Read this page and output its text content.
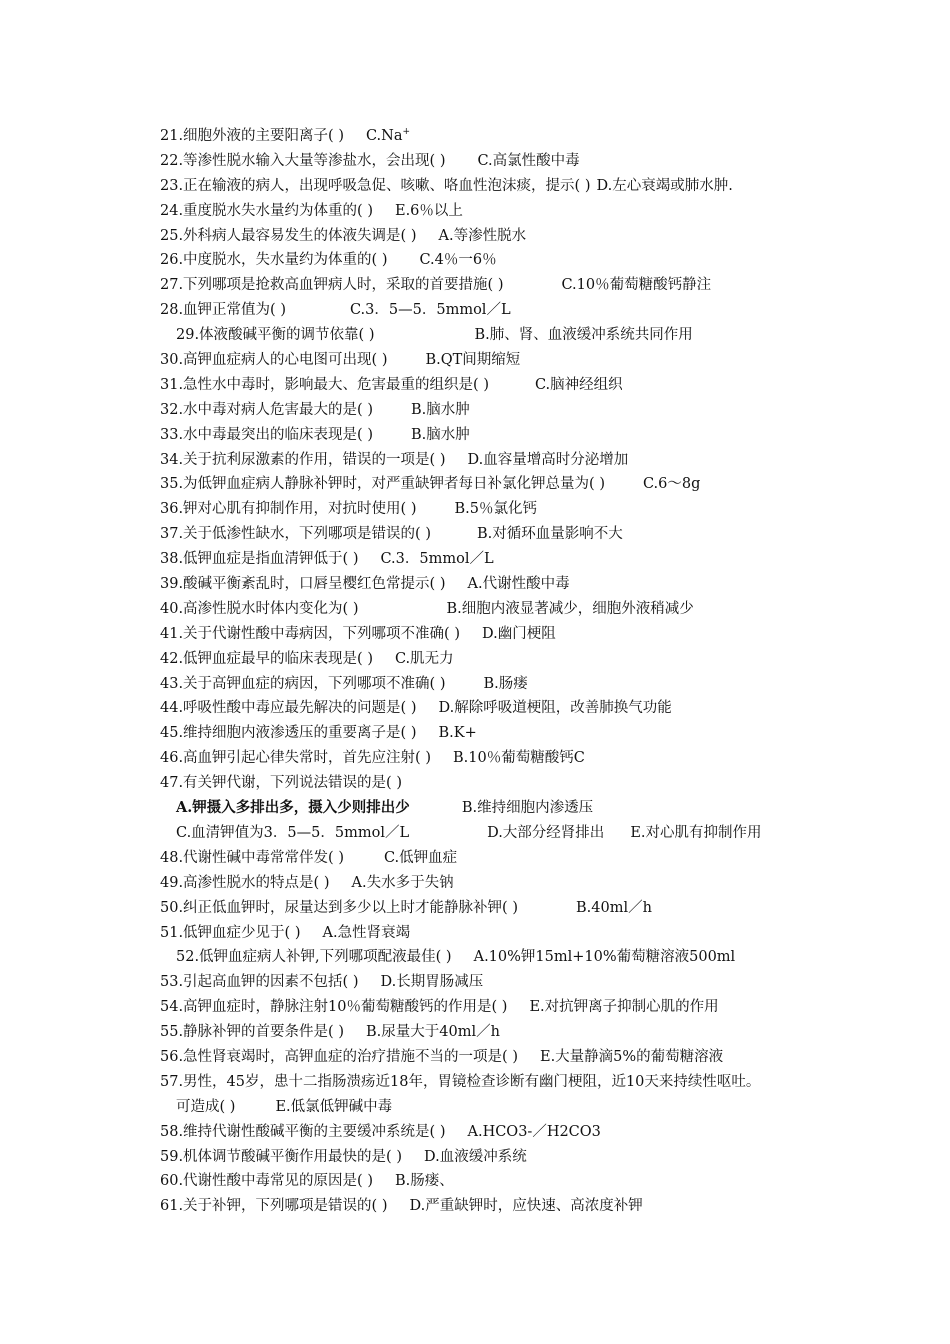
21.细胞外液的主要阳离子( ) C.Na+
22.等渗性脱水输入大量等渗盐水，会出现( ) C.高氯性酸中毒
23.正在输液的病人，出现呼吸急促、咳嗽、咯血性泡沫痰，提示( ) D.左心衰竭或肺水肿.
24.重度脱水失水量约为体重的( ) E.6％以上
25.外科病人最容易发生的体液失调是( ) A.等渗性脱水
26.中度脱水，失水量约为体重的( ) C.4％一6％
27.下列哪项是抢救高血钾病人时，采取的首要措施( )	C.10％葡萄糖酸钙静注
28.血钾正常值为( )	C.3．5—5．5mmol／L
29.体液酸碱平衡的调节依靠( )	B.肺、肾、血液缓冲系统共同作用
30.高钾血症病人的心电图可出现( )	B.QT间期缩短
31.急性水中毒时，影响最大、危害最重的组织是( )	C.脑神经组织
32.水中毒对病人危害最大的是( )	B.脑水肿
33.水中毒最突出的临床表现是( )	B.脑水肿
34.关于抗利尿激素的作用，错误的一项是( ) D.血容量增高时分泌增加
35.为低钾血症病人静脉补钾时，对严重缺钾者每日补氯化钾总量为( )	C.6～8g
36.钾对心肌有抑制作用，对抗时使用( )	B.5％氯化钙
37.关于低渗性缺水，下列哪项是错误的( )	B.对循环血量影响不大
38.低钾血症是指血清钾低于( ) C.3．5mmol／L
39.酸碱平衡紊乱时，口唇呈樱红色常提示( ) A.代谢性酸中毒
40.高渗性脱水时体内变化为( )	B.细胞内液显著减少，细胞外液稍减少
41.关于代谢性酸中毒病因，下列哪项不准确( ) D.幽门梗阻
42.低钾血症最早的临床表现是( ) C.肌无力
43.关于高钾血症的病因，下列哪项不准确( )	B.肠瘘
44.呼吸性酸中毒应最先解决的问题是( ) D.解除呼吸道梗阻，改善肺换气功能
45.维持细胞内液渗透压的重要离子是( ) B.K+
46.高血钾引起心律失常时，首先应注射( ) B.10％葡萄糖酸钙C
47.有关钾代谢，下列说法错误的是( )
A.钾摄入多排出多，摄入少则排出少	B.维持细胞内渗透压
C.血清钾值为3．5—5．5mmol／L	D.大部分经肾排出 E.对心肌有抑制作用
48.代谢性碱中毒常常伴发( )	C.低钾血症
49.高渗性脱水的特点是( ) A.失水多于失钠
50.纠正低血钾时，尿量达到多少以上时才能静脉补钾( )	B.40ml／h
51.低钾血症少见于( ) A.急性肾衰竭
52.低钾血症病人补钾,下列哪项配液最佳( ) A.10%钾15ml+10%葡萄糖溶液500ml
53.引起高血钾的因素不包括( ) D.长期胃肠减压
54.高钾血症时，静脉注射10％葡萄糖酸钙的作用是( ) E.对抗钾离子抑制心肌的作用
55.静脉补钾的首要条件是( ) B.尿量大于40ml／h
56.急性肾衰竭时，高钾血症的治疗措施不当的一项是( ) E.大量静滴5%的葡萄糖溶液
57.男性，45岁，患十二指肠溃疡近18年，胃镜检查诊断有幽门梗阻，近10天来持续性呕吐。
可造成( )	E.低氯低钾碱中毒
58.维持代谢性酸碱平衡的主要缓冲系统是( ) A.HCO3-／H2CO3
59.机体调节酸碱平衡作用最快的是( ) D.血液缓冲系统
60.代谢性酸中毒常见的原因是( ) B.肠瘘、
61.关于补钾，下列哪项是错误的( ) D.严重缺钾时，应快速、高浓度补钾
